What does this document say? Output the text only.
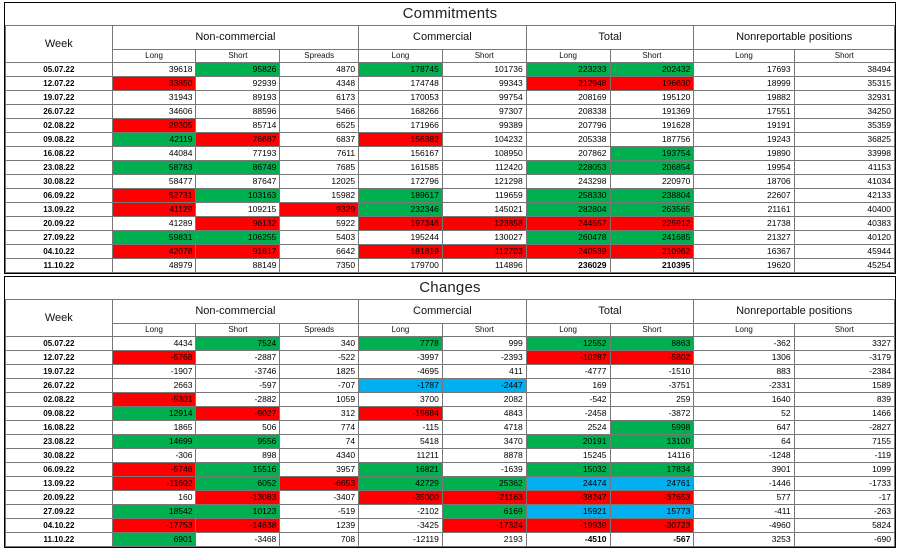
Commitments
Week	Non-commercial			Commercial		Total		Nonreportable positions	
	Long	Short	Spreads	Long	Short	Long	Short	Long	Short
05.07.22	39618	95826	4870	178745	101736	223233	202432	17693	38494
12.07.22	33850	92939	4348	174748	99343	212948	196630	18999	35315
19.07.22	31943	89193	6173	170053	99754	208169	195120	19882	32931
26.07.22	34606	88596	5466	168266	97307	208338	191369	17551	34250
02.08.22	29305	85714	6525	171966	99389	207796	191628	19191	35359
09.08.22	42119	76687	6837	156382	104232	205338	187756	19243	36825
16.08.22	44084	77193	7611	156167	108950	207862	193754	19890	33998
23.08.22	58783	86749	7685	161585	112420	228053	206854	19954	41153
30.08.22	58477	87647	12025	172796	121298	243298	220970	18706	41034
06.09.22	52731	103163	15982	189617	119659	258330	238804	22607	42133
13.09.22	41129	109215	9329	232346	145021	282804	263565	21161	40400
20.09.22	41289	96132	5922	197346	123858	244557	225912	21738	40383
27.09.22	59831	106255	5403	195244	130027	260478	241685	21327	40120
04.10.22	42078	91617	6642	181819	112703	240539	210962	16367	45944
11.10.22	48979	88149	7350	179700	114896	236029	210395	19620	45254
Changes
Week	Non-commercial			Commercial		Total		Nonreportable positions	
	Long	Short	Spreads	Long	Short	Long	Short	Long	Short
05.07.22	4434	7524	340	7778	999	12552	8863	-362	3327
12.07.22	-5768	-2887	-522	-3997	-2393	-10287	-5802	1306	-3179
19.07.22	-1907	-3746	1825	-4695	411	-4777	-1510	883	-2384
26.07.22	2663	-597	-707	-1787	-2447	169	-3751	-2331	1589
02.08.22	-5301	-2882	1059	3700	2082	-542	259	1640	839
09.08.22	12914	-9027	312	-15684	4843	-2458	-3872	52	1466
16.08.22	1865	506	774	-115	4718	2524	5998	647	-2827
23.08.22	14699	9556	74	5418	3470	20191	13100	64	7155
30.08.22	-306	898	4340	11211	8878	15245	14116	-1248	-119
06.09.22	-5746	15516	3957	16821	-1639	15032	17834	3901	1099
13.09.22	-11602	6052	-6653	42729	25362	24474	24761	-1446	-1733
20.09.22	160	-13083	-3407	-35000	-21163	-38247	-37653	577	-17
27.09.22	18542	10123	-519	-2102	6169	15921	15773	-411	-263
04.10.22	-17753	-14638	1239	-3425	-17324	-19939	-30723	-4960	5824
11.10.22	6901	-3468	708	-12119	2193	-4510	-567	3253	-690
